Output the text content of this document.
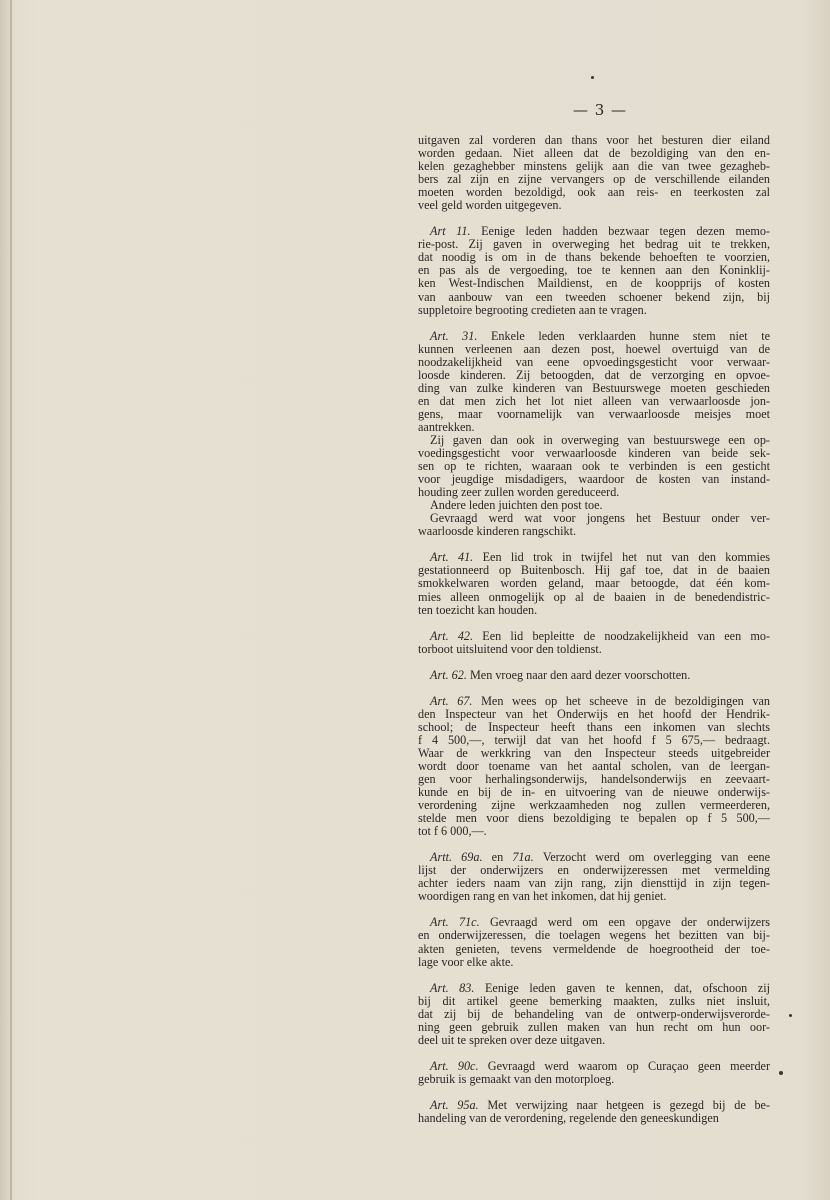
— 3 —
uitgaven zal vorderen dan thans voor het besturen dier eiland
worden gedaan. Niet alleen dat de bezoldiging van den en-
kelen gezaghebber minstens gelijk aan die van twee gezagheb-
bers zal zijn en zijne vervangers op de verschillende eilanden
moeten worden bezoldigd, ook aan reis- en teerkosten zal
veel geld worden uitgegeven.
Art 11. Eenige leden hadden bezwaar tegen dezen memo-
rie-post. Zij gaven in overweging het bedrag uit te trekken,
dat noodig is om in de thans bekende behoeften te voorzien,
en pas als de vergoeding, toe te kennen aan den Koninklij-
ken West-Indischen Maildienst, en de koopprijs of kosten
van aanbouw van een tweeden schoener bekend zijn, bij
suppletoire begrooting credieten aan te vragen.
Art. 31. Enkele leden verklaarden hunne stem niet te
kunnen verleenen aan dezen post, hoewel overtuigd van de
noodzakelijkheid van eene opvoedingsgesticht voor verwaar-
loosde kinderen. Zij betoogden, dat de verzorging en opvoe-
ding van zulke kinderen van Bestuurswege moeten geschieden
en dat men zich het lot niet alleen van verwaarloosde jon-
gens, maar voornamelijk van verwaarloosde meisjes moet
aantrekken.
Zij gaven dan ook in overweging van bestuurswege een op-
voedingsgesticht voor verwaarloosde kinderen van beide sek-
sen op te richten, waaraan ook te verbinden is een gesticht
voor jeugdige misdadigers, waardoor de kosten van instand-
houding zeer zullen worden gereduceerd.
Andere leden juichten den post toe.
Gevraagd werd wat voor jongens het Bestuur onder ver-
waarloosde kinderen rangschikt.
Art. 41. Een lid trok in twijfel het nut van den kommies
gestationneerd op Buitenbosch. Hij gaf toe, dat in de baaien
smokkelwaren worden geland, maar betoogde, dat één kom-
mies alleen onmogelijk op al de baaien in de benedendistric-
ten toezicht kan houden.
Art. 42. Een lid bepleitte de noodzakelijkheid van een mo-
torboot uitsluitend voor den toldienst.
Art. 62. Men vroeg naar den aard dezer voorschotten.
Art. 67. Men wees op het scheeve in de bezoldigingen van
den Inspecteur van het Onderwijs en het hoofd der Hendrik-
school; de Inspecteur heeft thans een inkomen van slechts
f 4 500,—, terwijl dat van het hoofd f 5 675,— bedraagt.
Waar de werkkring van den Inspecteur steeds uitgebreider
wordt door toename van het aantal scholen, van de leergan-
gen voor herhalingsonderwijs, handelsonderwijs en zeevaart-
kunde en bij de in- en uitvoering van de nieuwe onderwijs-
verordening zijne werkzaamheden nog zullen vermeerderen,
stelde men voor diens bezoldiging te bepalen op f 5 500,—
tot f 6 000,—.
Artt. 69a. en 71a. Verzocht werd om overlegging van eene
lijst der onderwijzers en onderwijzeressen met vermelding
achter ieders naam van zijn rang, zijn diensttijd in zijn tegen-
woordigen rang en van het inkomen, dat hij geniet.
Art. 71c. Gevraagd werd om een opgave der onderwijzers
en onderwijzeressen, die toelagen wegens het bezitten van bij-
akten genieten, tevens vermeldende de hoegrootheid der toe-
lage voor elke akte.
Art. 83. Eenige leden gaven te kennen, dat, ofschoon zij
bij dit artikel geene bemerking maakten, zulks niet insluit,
dat zij bij de behandeling van de ontwerp-onderwijsverorde-
ning geen gebruik zullen maken van hun recht om hun oor-
deel uit te spreken over deze uitgaven.
Art. 90c. Gevraagd werd waarom op Curaçao geen meerder
gebruik is gemaakt van den motorploeg.
Art. 95a. Met verwijzing naar hetgeen is gezegd bij de be-
handeling van de verordening, regelende den geneeskundigen
